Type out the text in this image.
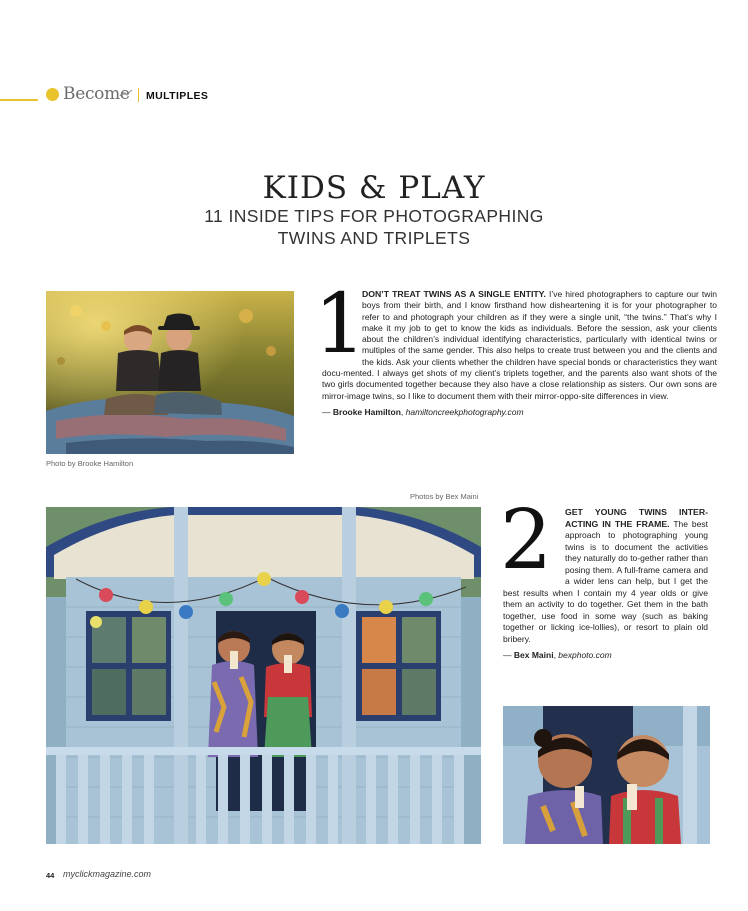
Become MULTIPLES
KIDS & PLAY
11 INSIDE TIPS FOR PHOTOGRAPHING
TWINS AND TRIPLETS
Photo by Brooke Hamilton
1
DON’T TREAT TWINS AS A SINGLE ENTITY. I’ve hired photographers to capture our twin boys from their birth, and I know firsthand how disheartening it is for your photographer to refer to and photograph your children as if they were a single unit, “the twins.” That’s why I make it my job to get to know the kids as individuals. Before the session, ask your clients about the children’s individual identifying characteristics, particularly with identical twins or multiples of the same gender. This also helps to create trust between you and the clients and the kids. Ask your clients whether the children have special bonds or characteristics they want docu-mented. I always get shots of my client’s triplets together, and the parents also want shots of the two girls documented together because they also have a close relationship as sisters. Our own sons are mirror-image twins, so I like to document them with their mirror-oppo-site differences in view.
— Brooke Hamilton, hamiltoncreekphotography.com
Photos by Bex Maini 2	GET YOUNG TWINS INTER-ACTING IN THE FRAME. The best approach to photographing young twins is to document the activities they naturally do to-gether rather than posing them. A full-frame camera and a wider lens can help, but I get the best results when I contain my 4 year olds or give them an activity to do together. Get them in the bath together, use food in some way (such as baking together or licking ice-lollies), or resort to plain old bribery.
— Bex Maini, bexphoto.com
44 myclickmagazine.com
